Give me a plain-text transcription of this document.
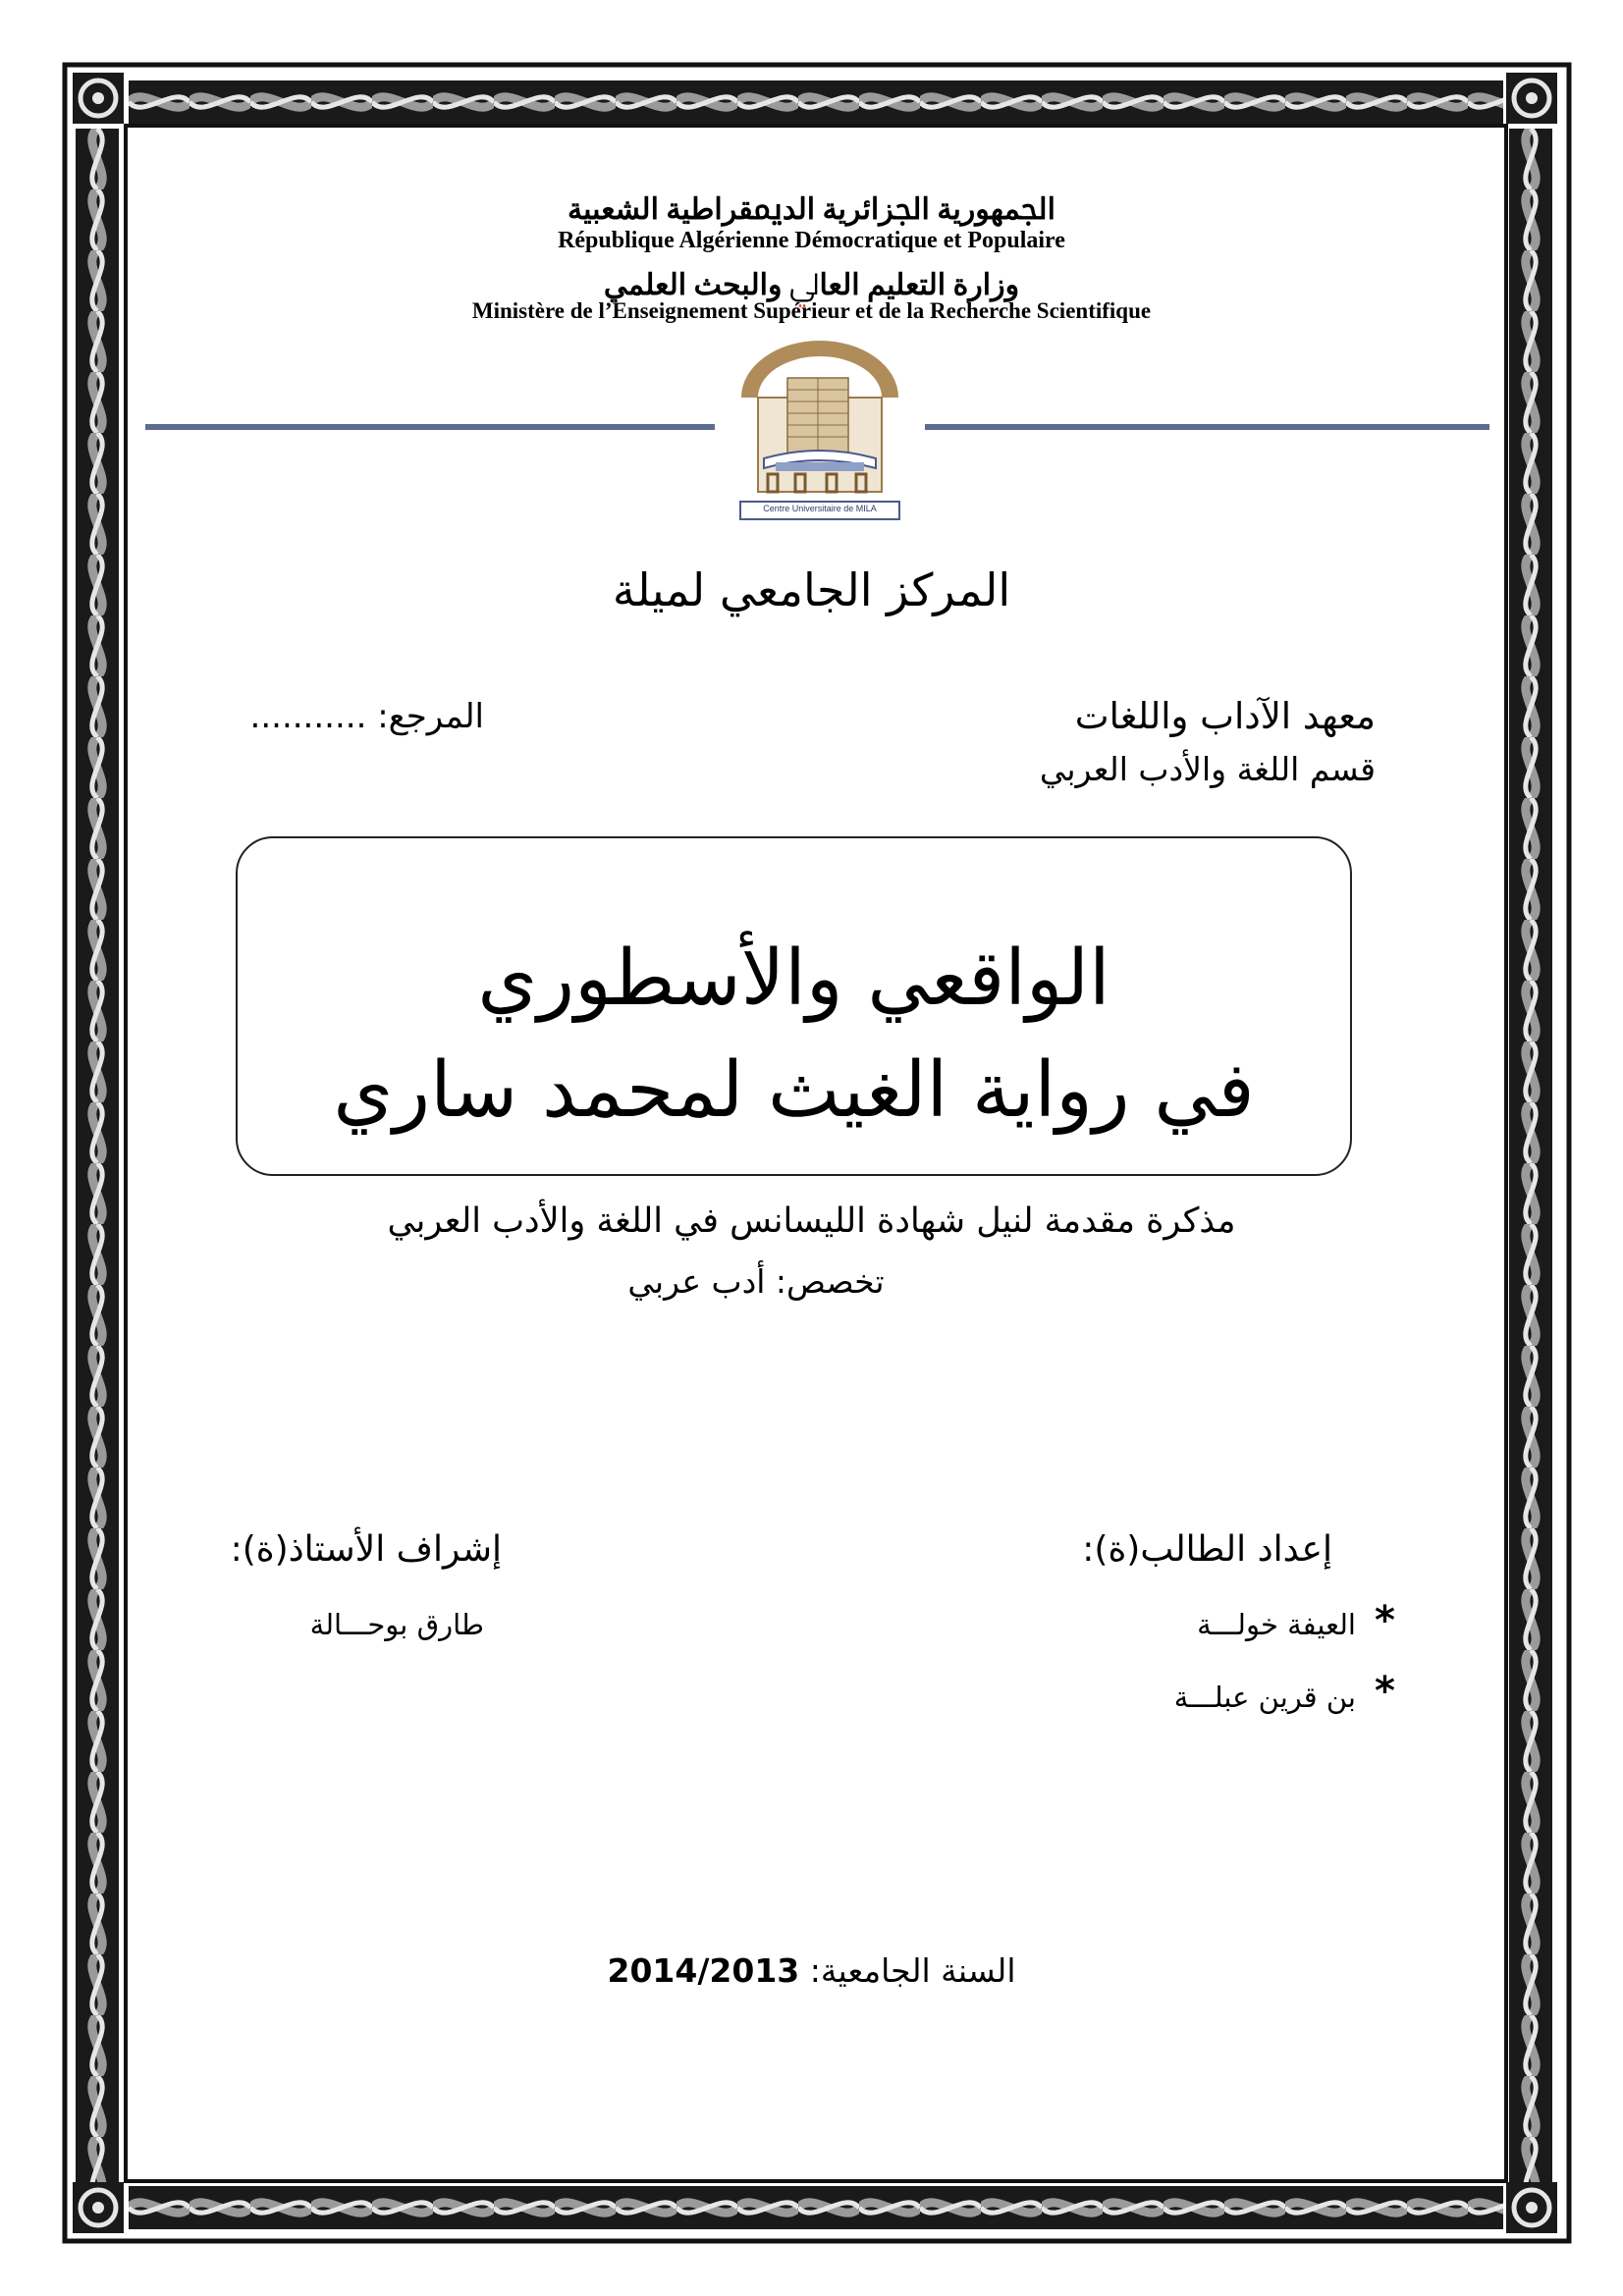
ﺍﳉﻤﻬﻮﺭﻳﺔ ﺍﳉﺰﺍﺋﺮﻳﺔ ﺍﻟﺪﳝﻘﺮﺍﻃﻴﺔ ﺍﻟﺸﻌﺒﻴﺔ
République Algérienne Démocratique et Populaire
ﻭﺯﺍﺭﺓ ﺍﻟﺘﻌﻠﻴﻢ ﺍﻟﻌﺎﱄ ﻭﺍﻟﺒﺤﺚ ﺍﻟﻌﻠﻤﻲ
Ministère de l’Enseignement Supérieur et de la Recherche Scientifique
Centre Universitaire de MILA
المركز الجامعي لميلة
معهد الآداب واللغات
قسم اللغة والأدب العربي
المرجع: ...........
الواقعي والأسطوري
في رواية الغيث لمحمد ساري
مذكرة مقدمة لنيل شهادة الليسانس في اللغة والأدب العربي
تخصص: أدب عربي
إعداد الطالب(ة):
*
العيفة خولـــة
*
بن قرين عبلـــة
إشراف الأستاذ(ة):
طارق بوحـــالة
السنة الجامعية: 2014/2013
